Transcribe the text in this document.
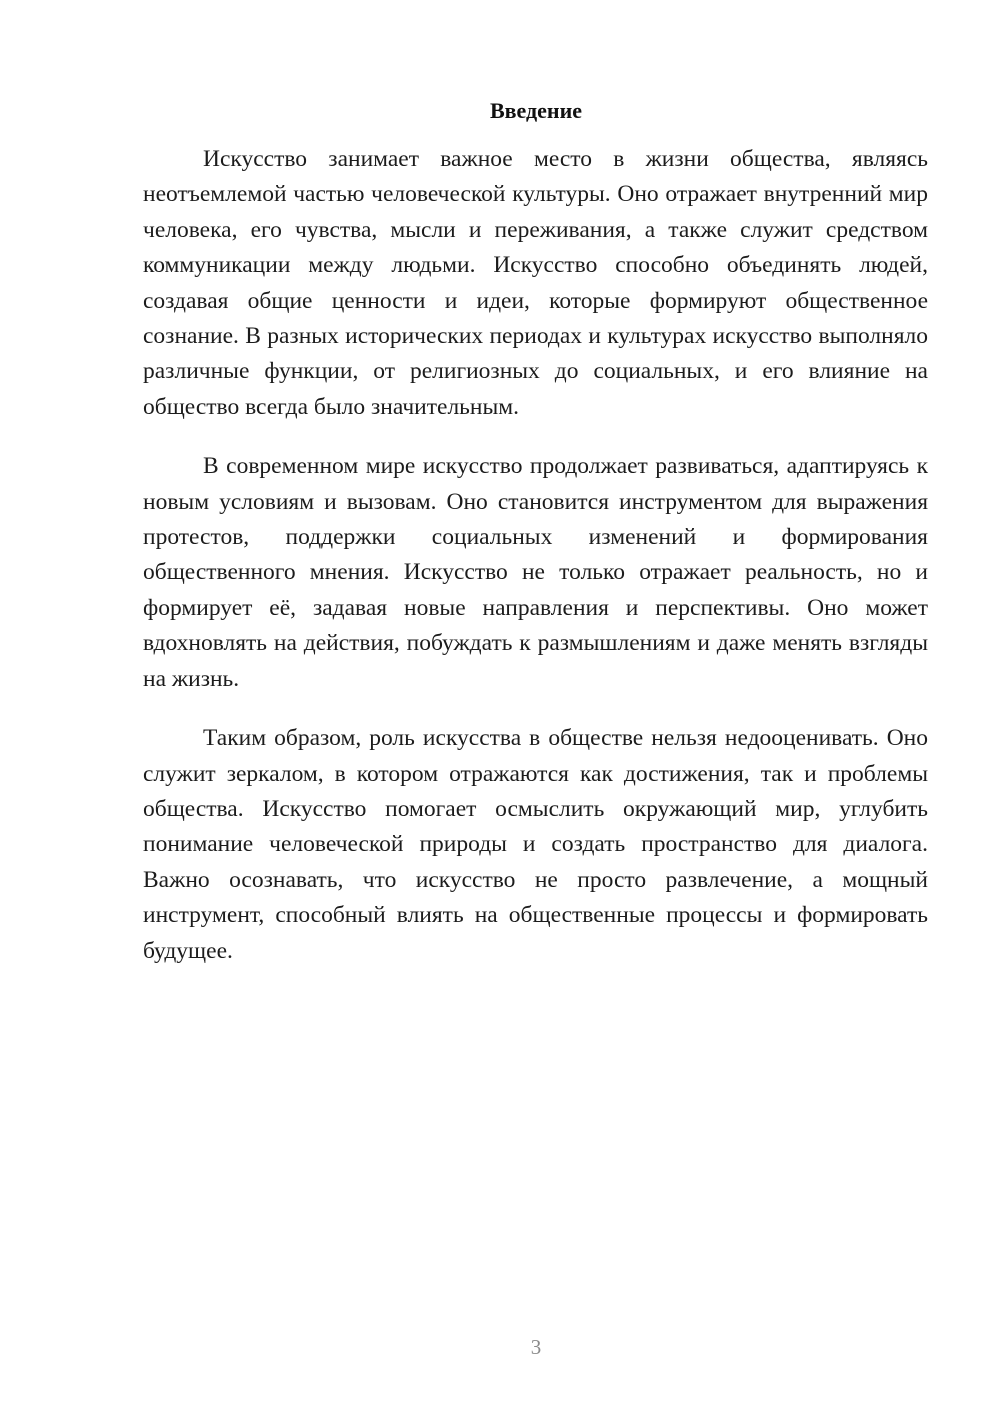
Введение

Искусство занимает важное место в жизни общества, являясь неотъемлемой частью человеческой культуры. Оно отражает внутренний мир человека, его чувства, мысли и переживания, а также служит средством коммуникации между людьми. Искусство способно объединять людей, создавая общие ценности и идеи, которые формируют общественное сознание. В разных исторических периодах и культурах искусство выполняло различные функции, от религиозных до социальных, и его влияние на общество всегда было значительным.

В современном мире искусство продолжает развиваться, адаптируясь к новым условиям и вызовам. Оно становится инструментом для выражения протестов, поддержки социальных изменений и формирования общественного мнения. Искусство не только отражает реальность, но и формирует её, задавая новые направления и перспективы. Оно может вдохновлять на действия, побуждать к размышлениям и даже менять взгляды на жизнь.

Таким образом, роль искусства в обществе нельзя недооценивать. Оно служит зеркалом, в котором отражаются как достижения, так и проблемы общества. Искусство помогает осмыслить окружающий мир, углубить понимание человеческой природы и создать пространство для диалога. Важно осознавать, что искусство не просто развлечение, а мощный инструмент, способный влиять на общественные процессы и формировать будущее.

3
